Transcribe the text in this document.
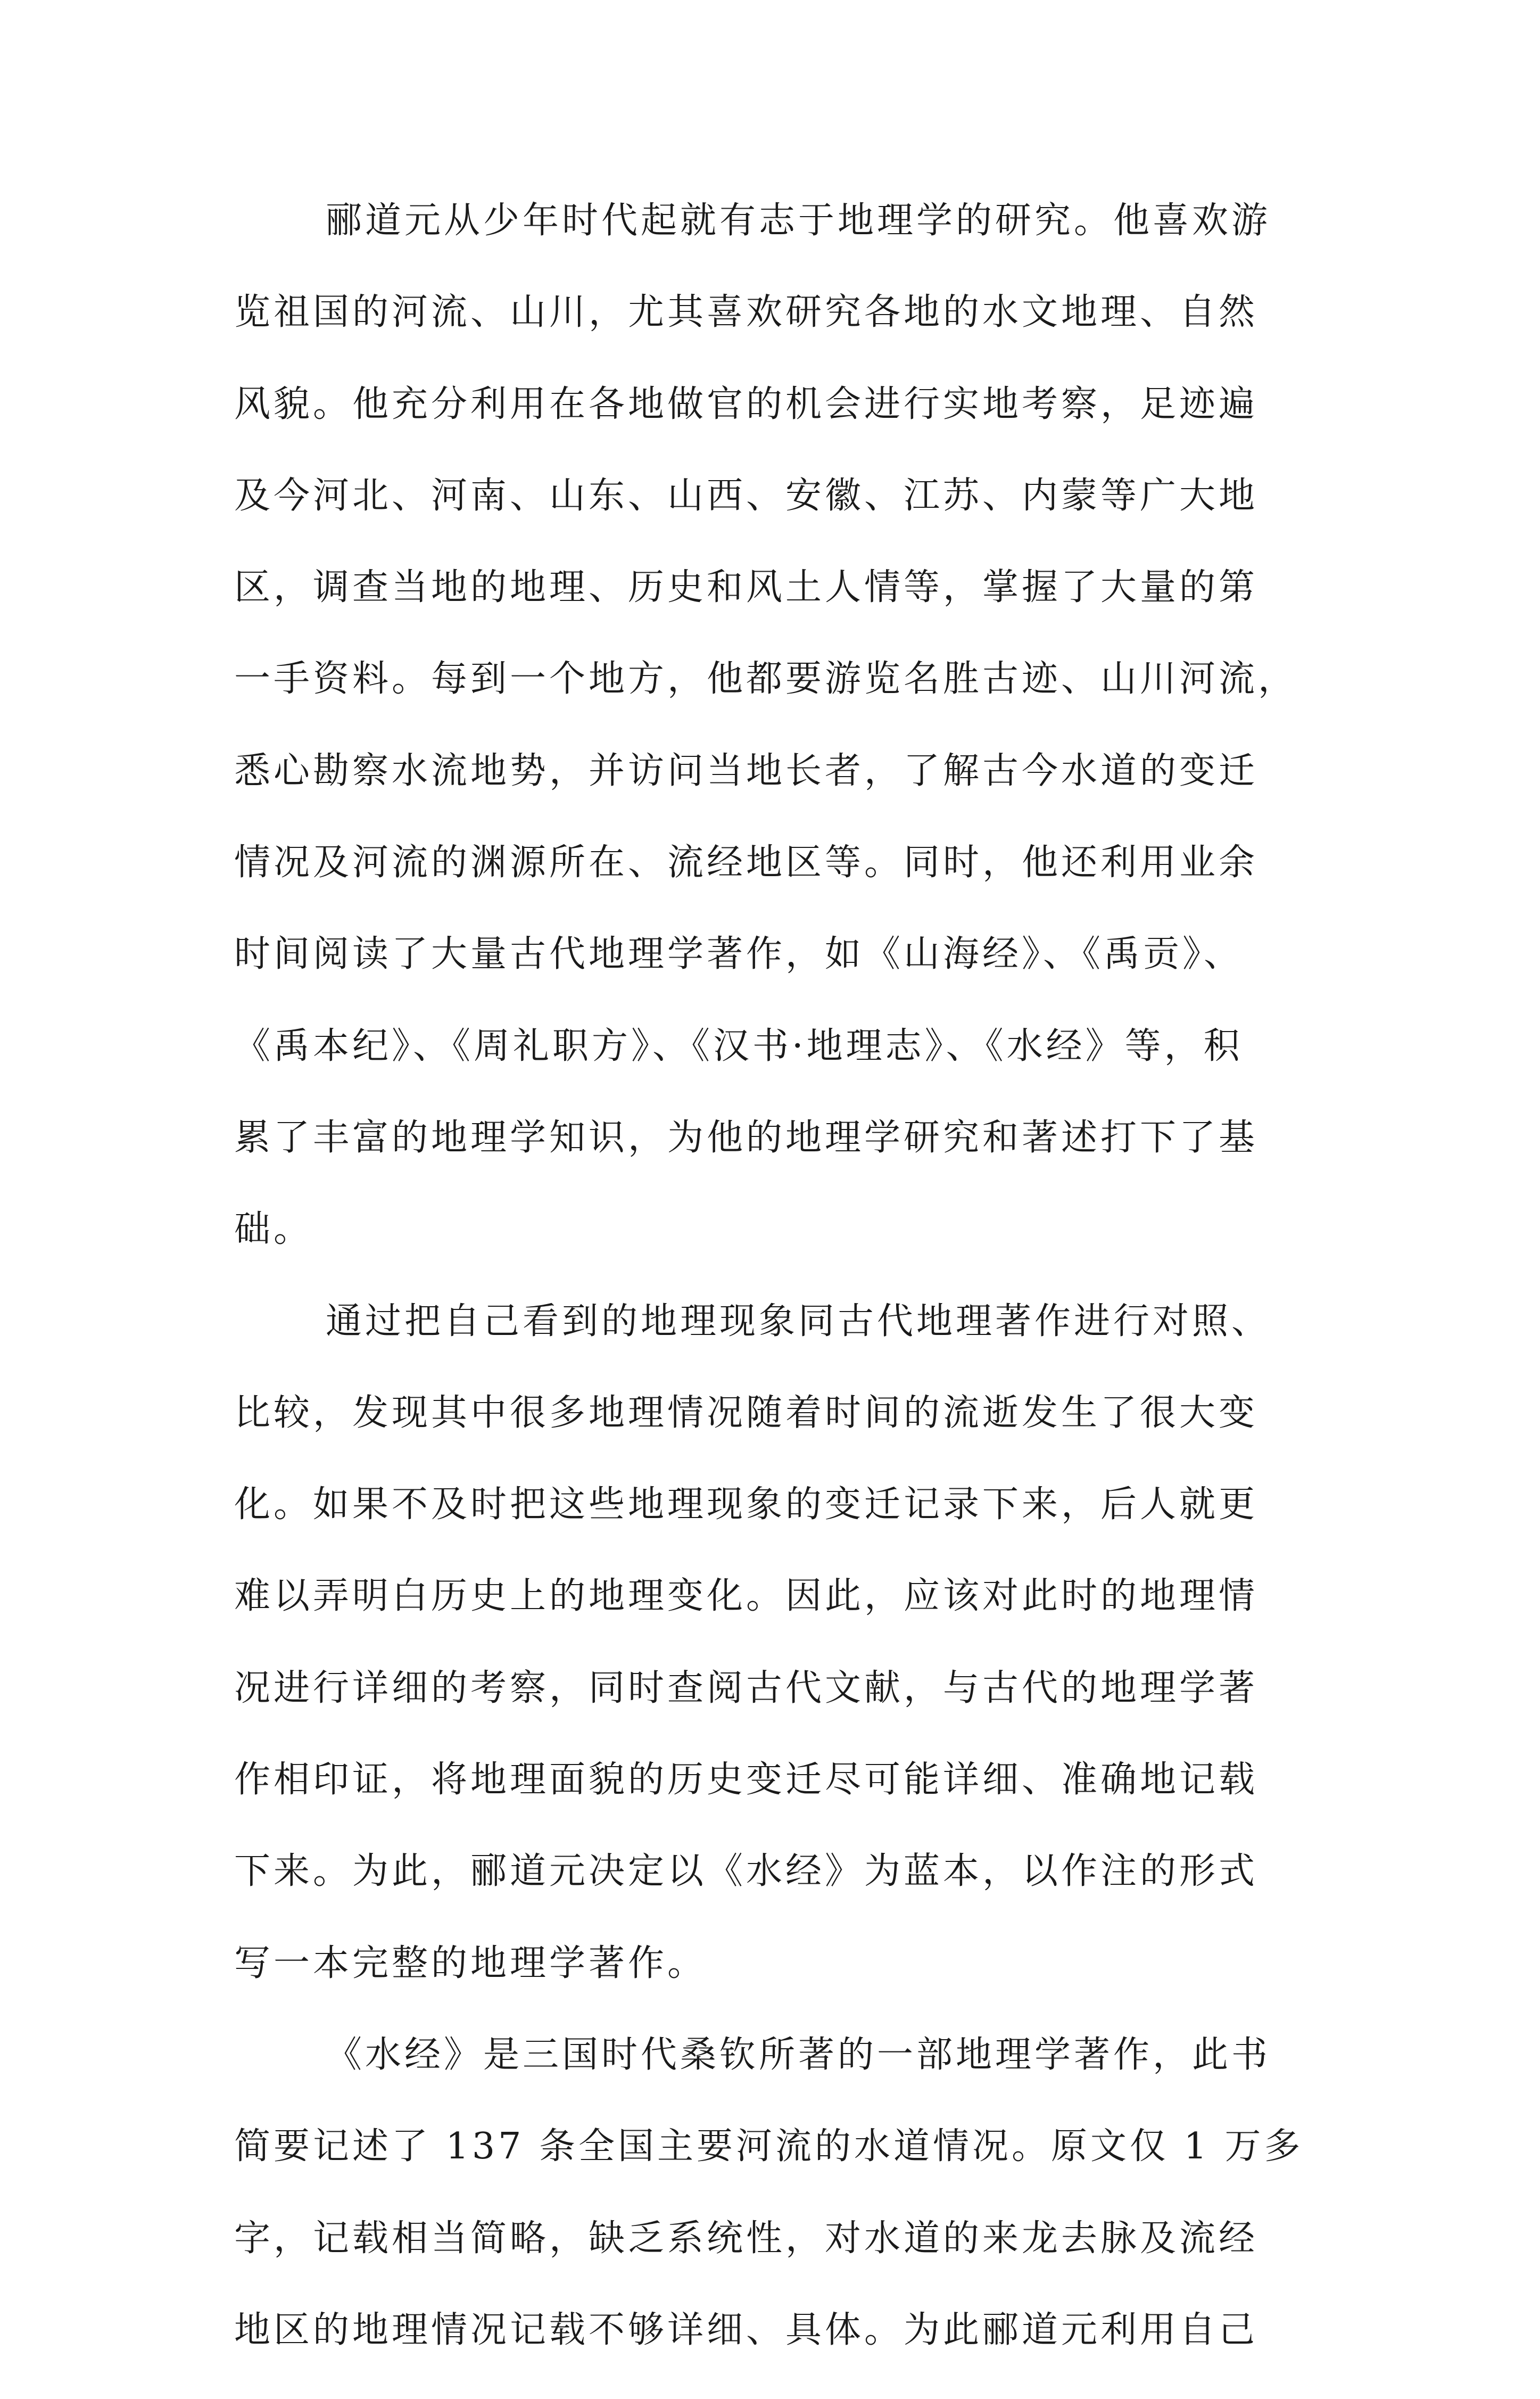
郦道元从少年时代起就有志于地理学的研究。他喜欢游
览祖国的河流、山川，尤其喜欢研究各地的水文地理、自然
风貌。他充分利用在各地做官的机会进行实地考察，足迹遍
及今河北、河南、山东、山西、安徽、江苏、内蒙等广大地
区，调查当地的地理、历史和风土人情等，掌握了大量的第
一手资料。每到一个地方，他都要游览名胜古迹、山川河流，
悉心勘察水流地势，并访问当地长者，了解古今水道的变迁
情况及河流的渊源所在、流经地区等。同时，他还利用业余
时间阅读了大量古代地理学著作，如《山海经》、《禹贡》、
《禹本纪》、《周礼职方》、《汉书·地理志》、《水经》等，积
累了丰富的地理学知识，为他的地理学研究和著述打下了基
础。
通过把自己看到的地理现象同古代地理著作进行对照、
比较，发现其中很多地理情况随着时间的流逝发生了很大变
化。如果不及时把这些地理现象的变迁记录下来，后人就更
难以弄明白历史上的地理变化。因此，应该对此时的地理情
况进行详细的考察，同时查阅古代文献，与古代的地理学著
作相印证，将地理面貌的历史变迁尽可能详细、准确地记载
下来。为此，郦道元决定以《水经》为蓝本，以作注的形式
写一本完整的地理学著作。
《水经》是三国时代桑钦所著的一部地理学著作，此书
简要记述了 137 条全国主要河流的水道情况。原文仅 1 万多
字，记载相当简略，缺乏系统性，对水道的来龙去脉及流经
地区的地理情况记载不够详细、具体。为此郦道元利用自己
